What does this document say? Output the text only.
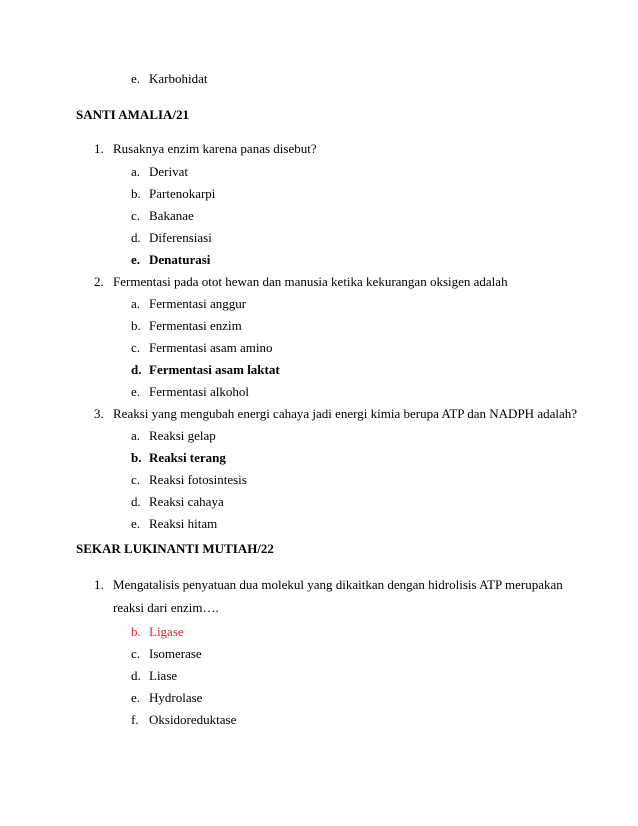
e. Karbohidat
SANTI AMALIA/21
1. Rusaknya enzim karena panas disebut?
a. Derivat
b. Partenokarpi
c. Bakanae
d. Diferensiasi
e. Denaturasi
2. Fermentasi pada otot hewan dan manusia ketika kekurangan oksigen adalah
a. Fermentasi anggur
b. Fermentasi enzim
c. Fermentasi asam amino
d. Fermentasi asam laktat
e. Fermentasi alkohol
3. Reaksi yang mengubah energi cahaya jadi energi kimia berupa ATP dan NADPH adalah?
a. Reaksi gelap
b. Reaksi terang
c. Reaksi fotosintesis
d. Reaksi cahaya
e. Reaksi hitam
SEKAR LUKINANTI MUTIAH/22
1. Mengatalisis penyatuan dua molekul yang dikaitkan dengan hidrolisis ATP merupakan
reaksi dari enzim….
b. Ligase
c. Isomerase
d. Liase
e. Hydrolase
f. Oksidoreduktase
